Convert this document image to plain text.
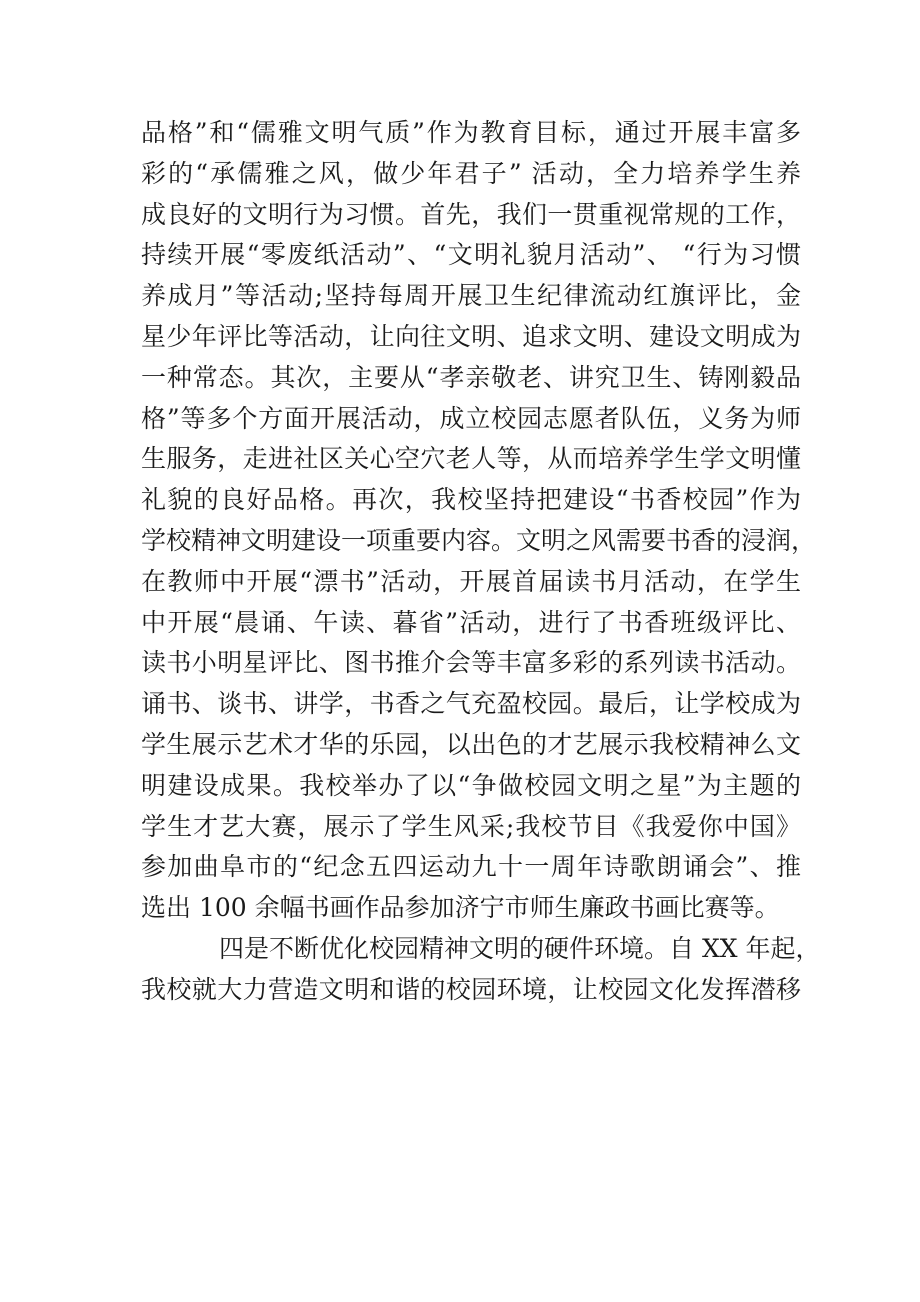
品格”和“儒雅文明气质”作为教育目标，通过开展丰富多
彩的“承儒雅之风，做少年君子” 活动，全力培养学生养
成良好的文明行为习惯。首先，我们一贯重视常规的工作，
持续开展“零废纸活动”、“文明礼貌月活动”、 “行为习惯
养成月”等活动;坚持每周开展卫生纪律流动红旗评比，金
星少年评比等活动，让向往文明、追求文明、建设文明成为
一种常态。其次，主要从“孝亲敬老、讲究卫生、铸刚毅品
格”等多个方面开展活动，成立校园志愿者队伍，义务为师
生服务，走进社区关心空穴老人等，从而培养学生学文明懂
礼貌的良好品格。再次，我校坚持把建设“书香校园”作为
学校精神文明建设一项重要内容。文明之风需要书香的浸润，
在教师中开展“漂书”活动，开展首届读书月活动，在学生
中开展“晨诵、午读、暮省”活动，进行了书香班级评比、
读书小明星评比、图书推介会等丰富多彩的系列读书活动。
诵书、谈书、讲学，书香之气充盈校园。最后，让学校成为
学生展示艺术才华的乐园，以出色的才艺展示我校精神么文
明建设成果。我校举办了以“争做校园文明之星”为主题的
学生才艺大赛，展示了学生风采;我校节目《我爱你中国》
参加曲阜市的“纪念五四运动九十一周年诗歌朗诵会”、推
选出 100 余幅书画作品参加济宁市师生廉政书画比赛等。
四是不断优化校园精神文明的硬件环境。自 XX 年起，
我校就大力营造文明和谐的校园环境，让校园文化发挥潜移
